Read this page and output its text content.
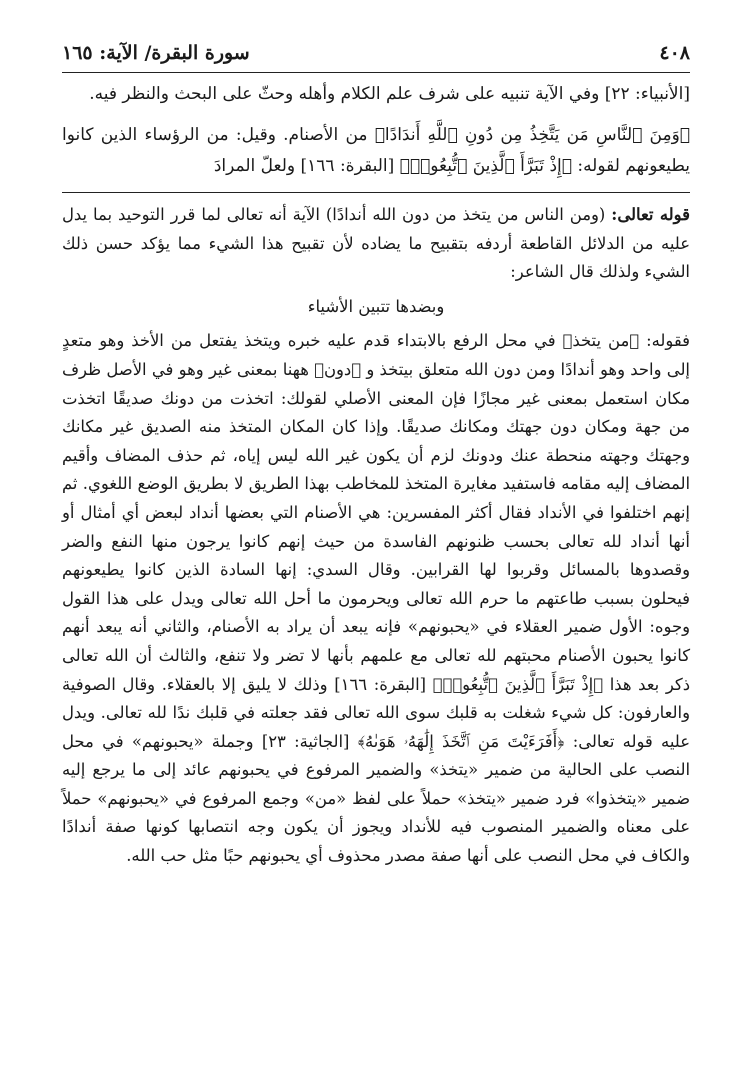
٤٠٨
سورة البقرة/ الآية: ١٦٥

[الأنبياء: ٢٢] وفي الآية تنبيه على شرف علم الكلام وأهله وحثّ على البحث والنظر فيه.

﴿وَمِنَ ٱلنَّاسِ مَن يَتَّخِذُ مِن دُونِ ٱللَّهِ أَندَادًا﴾ من الأصنام. وقيل: من الرؤساء الذين كانوا يطيعونهم لقوله: ﴿إِذْ تَبَرَّأَ ٱلَّذِينَ ٱتُّبِعُوا۟﴾ [البقرة: ١٦٦] ولعلّ المرادَ

قوله تعالى: (ومن الناس من يتخذ من دون الله أندادًا) الآية أنه تعالى لما قرر التوحيد بما يدل عليه من الدلائل القاطعة أردفه بتقبيح ما يضاده لأن تقبيح هذا الشيء مما يؤكد حسن ذلك الشيء ولذلك قال الشاعر:

وبضدها تتبين الأشياء

فقوله: ﴿من يتخذ﴾ في محل الرفع بالابتداء قدم عليه خبره ويتخذ يفتعل من الأخذ وهو متعدٍ إلى واحد وهو أندادًا ومن دون الله متعلق بيتخذ و ﴿دون﴾ ههنا بمعنى غير وهو في الأصل ظرف مكان استعمل بمعنى غير مجازًا فإن المعنى الأصلي لقولك: اتخذت من دونك صديقًا اتخذت من جهة ومكان دون جهتك ومكانك صديقًا. وإذا كان المكان المتخذ منه الصديق غير مكانك وجهتك وجهته منحطة عنك ودونك لزم أن يكون غير الله ليس إياه، ثم حذف المضاف وأقيم المضاف إليه مقامه فاستفيد مغايرة المتخذ للمخاطب بهذا الطريق لا بطريق الوضع اللغوي. ثم إنهم اختلفوا في الأنداد فقال أكثر المفسرين: هي الأصنام التي بعضها أنداد لبعض أي أمثال أو أنها أنداد لله تعالى بحسب ظنونهم الفاسدة من حيث إنهم كانوا يرجون منها النفع والضر وقصدوها بالمسائل وقربوا لها القرابين. وقال السدي: إنها السادة الذين كانوا يطيعونهم فيحلون بسبب طاعتهم ما حرم الله تعالى ويحرمون ما أحل الله تعالى ويدل على هذا القول وجوه: الأول ضمير العقلاء في «يحبونهم» فإنه يبعد أن يراد به الأصنام، والثاني أنه يبعد أنهم كانوا يحبون الأصنام محبتهم لله تعالى مع علمهم بأنها لا تضر ولا تنفع، والثالث أن الله تعالى ذكر بعد هذا ﴿إِذْ تَبَرَّأَ ٱلَّذِينَ ٱتُّبِعُوا۟﴾ [البقرة: ١٦٦] وذلك لا يليق إلا بالعقلاء. وقال الصوفية والعارفون: كل شيء شغلت به قلبك سوى الله تعالى فقد جعلته في قلبك ندًا لله تعالى. ويدل عليه قوله تعالى: ﴿أَفَرَءَيْتَ مَنِ ٱتَّخَذَ إِلَٰهَهُۥ هَوَىٰهُ﴾ [الجاثية: ٢٣] وجملة «يحبونهم» في محل النصب على الحالية من ضمير «يتخذ» والضمير المرفوع في يحبونهم عائد إلى ما يرجع إليه ضمير «يتخذوا» فرد ضمير «يتخذ» حملاً على لفظ «من» وجمع المرفوع في «يحبونهم» حملاً على معناه والضمير المنصوب فيه للأنداد ويجوز أن يكون وجه انتصابها كونها صفة أندادًا والكاف في محل النصب على أنها صفة مصدر محذوف أي يحبونهم حبًا مثل حب الله.
